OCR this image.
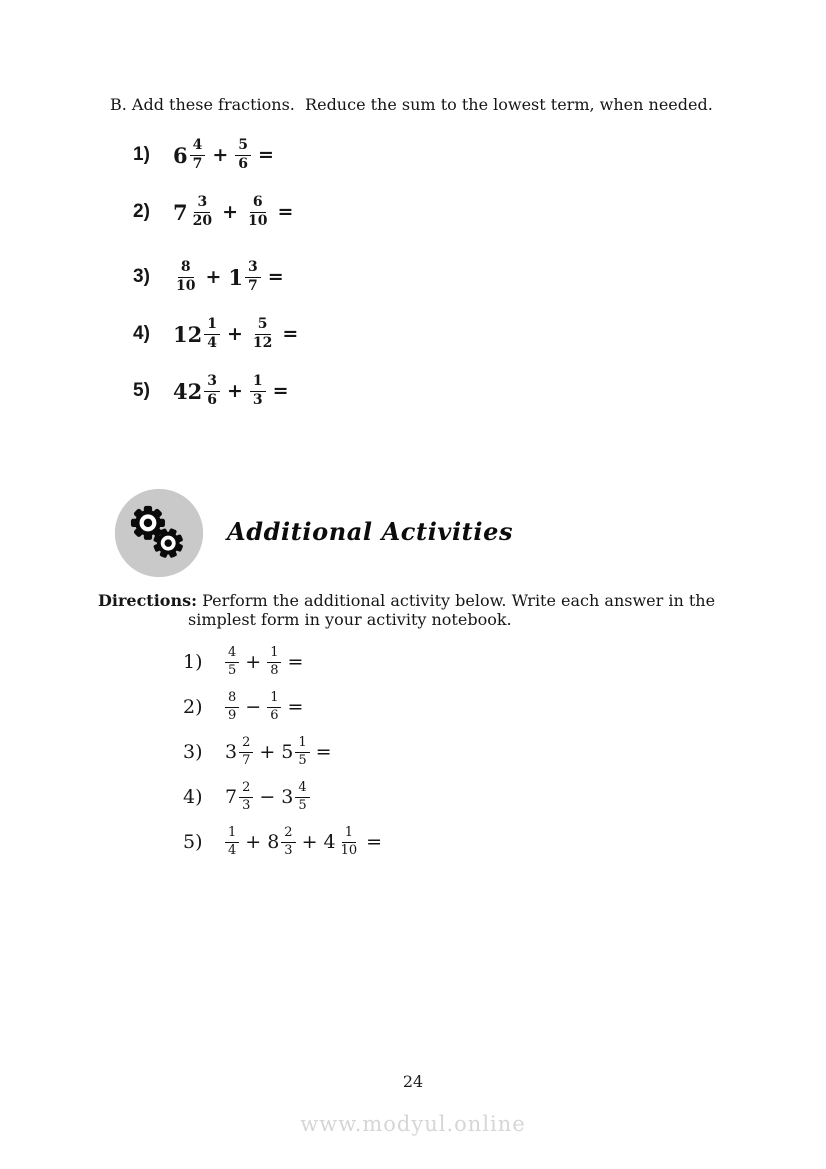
B. Add these fractions.  Reduce the sum to the lowest term, when needed.

1)	$6 \frac{4}{7} + \frac{5}{6}$ =
2)	$7 \frac{3}{20} + \frac{6}{10}$ =
3)	$\frac{8}{10} + 1 \frac{3}{7}$ =
4)	$12 \frac{1}{4} + \frac{5}{12}$ =
5)	$42 \frac{3}{6} + \frac{1}{3}$ =
Additional Activities
Directions: Perform the additional activity below. Write each answer in the
simplest form in your activity notebook.
1)	$\frac{4}{5} + \frac{1}{8}$ =
2)	$\frac{8}{9} - \frac{1}{6}$ =
3)	$3 \frac{2}{7} + 5 \frac{1}{5}$ =
4)	$7 \frac{2}{3} - 3 \frac{4}{5}$
5)	$\frac{1}{4} + 8 \frac{2}{3} + 4 \frac{1}{10}$ =
24
www.modyul.online
